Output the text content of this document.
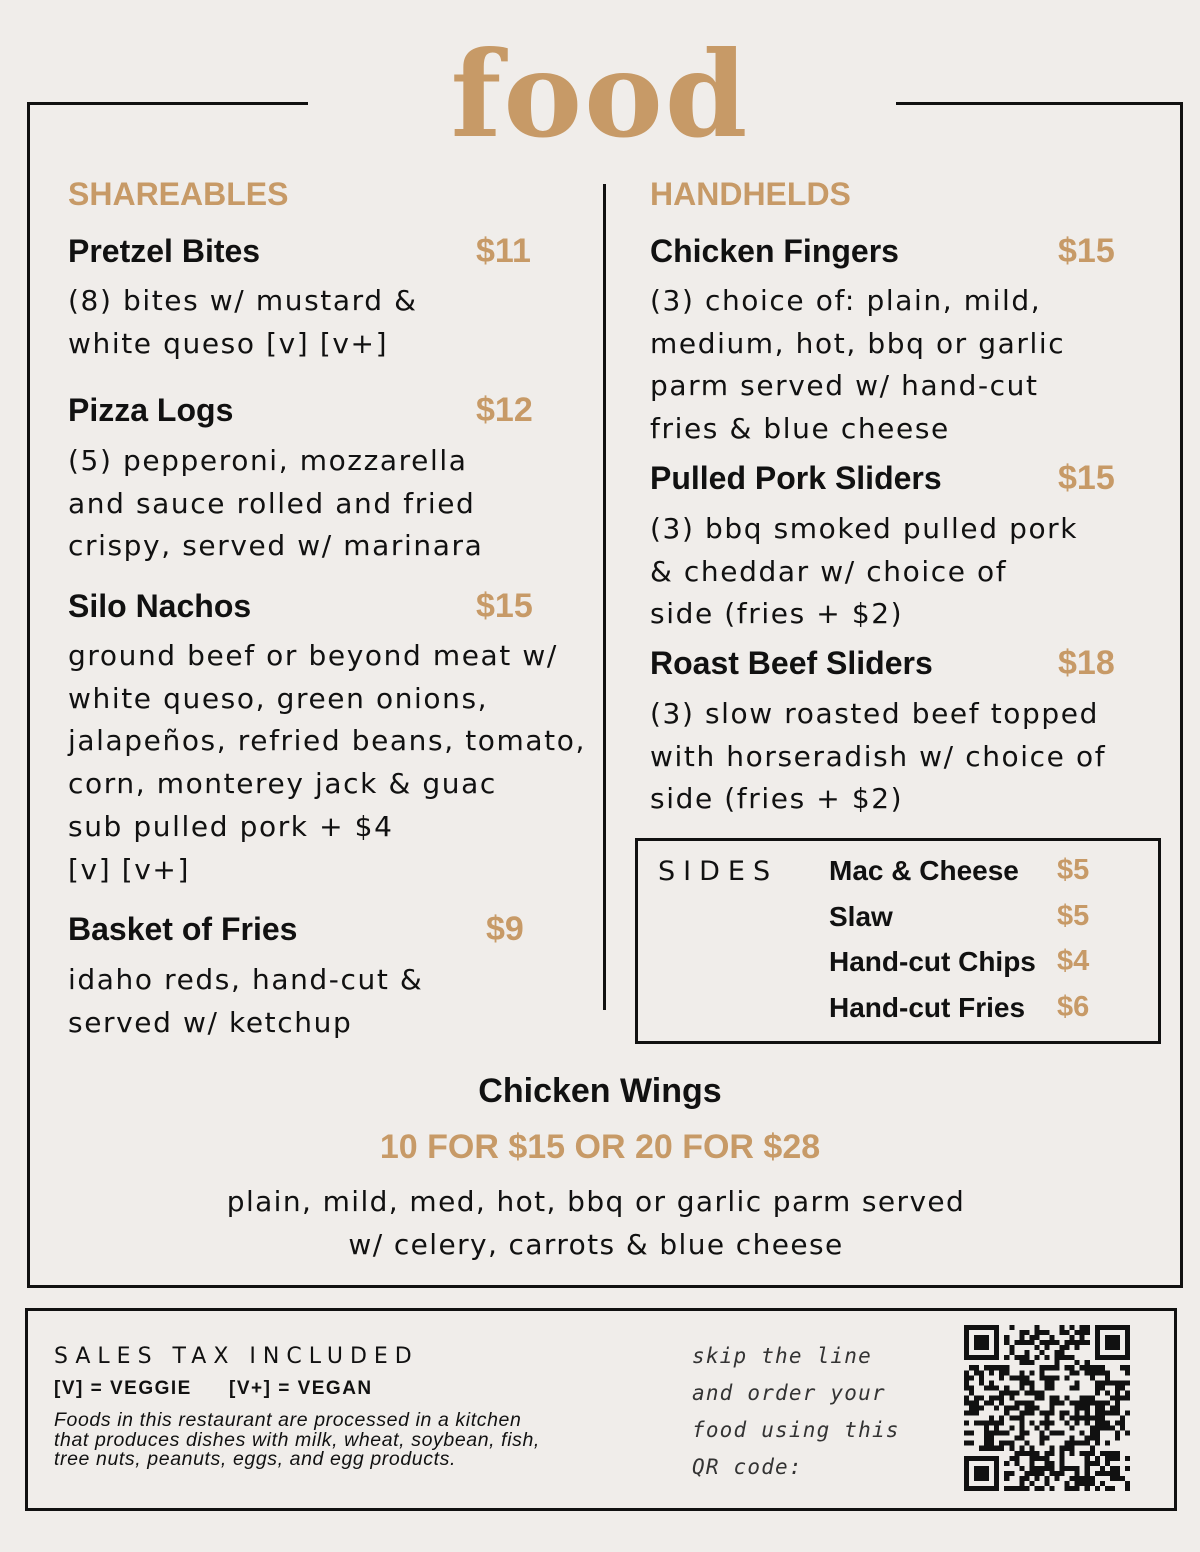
food
SHAREABLES
Pretzel Bites	$11
(8) bites w/ mustard &
white queso [v] [v+]
Pizza Logs	$12
(5) pepperoni, mozzarella
and sauce rolled and fried
crispy, served w/ marinara
Silo Nachos	$15
ground beef or beyond meat w/
white queso, green onions,
jalapeños, refried beans, tomato,
corn, monterey jack & guac
sub pulled pork + $4
[v] [v+]
Basket of Fries	$9
idaho reds, hand-cut &
served w/ ketchup
HANDHELDS
Chicken Fingers	$15
(3) choice of: plain, mild,
medium, hot, bbq or garlic
parm served w/ hand-cut
fries & blue cheese
Pulled Pork Sliders	$15
(3) bbq smoked pulled pork
& cheddar w/ choice of
side (fries + $2)
Roast Beef Sliders	$18
(3) slow roasted beef topped
with horseradish w/ choice of
side (fries + $2)
SIDES Mac & Cheese $5
Slaw	$5
Hand-cut Chips $4
Hand-cut Fries $6
Chicken Wings
10 FOR $15 OR 20 FOR $28
plain, mild, med, hot, bbq or garlic parm served
w/ celery, carrots & blue cheese
SALES TAX INCLUDED
[V] = VEGGIE [V+] = VEGAN
Foods in this restaurant are processed in a kitchen
that produces dishes with milk, wheat, soybean, fish,
tree nuts, peanuts, eggs, and egg products.
skip the line
and order your
food using this
QR code:
